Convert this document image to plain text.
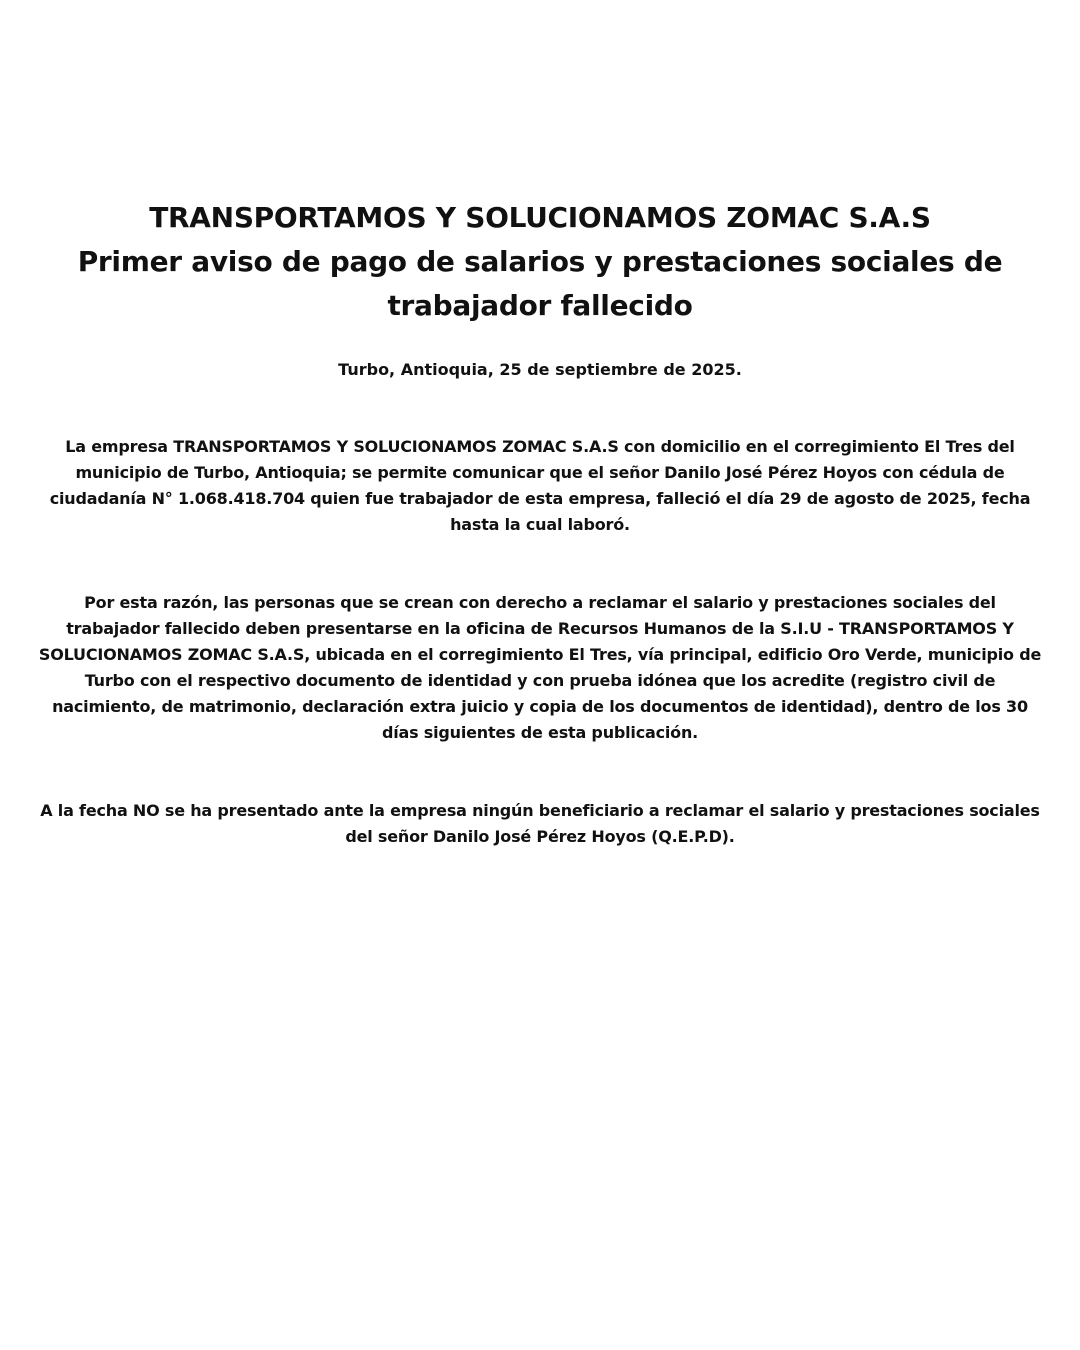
TRANSPORTAMOS Y SOLUCIONAMOS ZOMAC S.A.S
Primer aviso de pago de salarios y prestaciones sociales de trabajador fallecido

Turbo, Antioquia, 25 de septiembre de 2025.

La empresa TRANSPORTAMOS Y SOLUCIONAMOS ZOMAC S.A.S con domicilio en el corregimiento El Tres del municipio de Turbo, Antioquia; se permite comunicar que el señor Danilo José Pérez Hoyos con cédula de ciudadanía N° 1.068.418.704 quien fue trabajador de esta empresa, falleció el día 29 de agosto de 2025, fecha hasta la cual laboró.

Por esta razón, las personas que se crean con derecho a reclamar el salario y prestaciones sociales del trabajador fallecido deben presentarse en la oficina de Recursos Humanos de la S.I.U - TRANSPORTAMOS Y SOLUCIONAMOS ZOMAC S.A.S, ubicada en el corregimiento El Tres, vía principal, edificio Oro Verde, municipio de Turbo con el respectivo documento de identidad y con prueba idónea que los acredite (registro civil de nacimiento, de matrimonio, declaración extra juicio y copia de los documentos de identidad), dentro de los 30 días siguientes de esta publicación.

A la fecha NO se ha presentado ante la empresa ningún beneficiario a reclamar el salario y prestaciones sociales del señor Danilo José Pérez Hoyos (Q.E.P.D).
